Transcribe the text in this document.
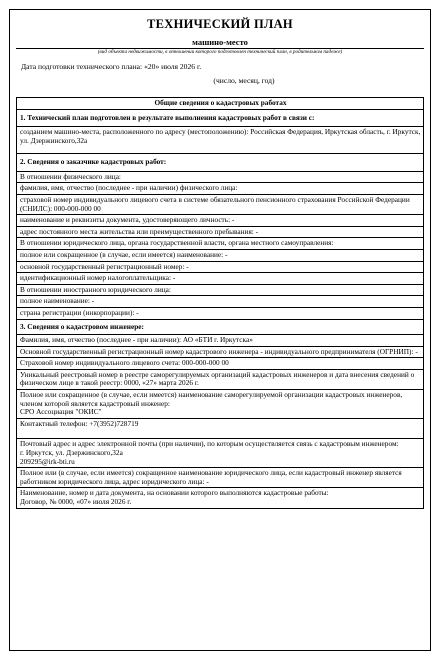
ТЕХНИЧЕСКИЙ ПЛАН
машино-место
(вид объекта недвижимости, в отношении которого подготовлен технический план, в родительном падеже)
Дата подготовки технического плана: «20» июля 2026 г.
(число, месяц, год)
Общие сведения о кадастровых работах
1. Технический план подготовлен в результате выполнения кадастровых работ в связи с:
созданием машино-места, расположенного по адресу (местоположению): Российская Федерация, Иркутская область, г. Иркутск, ул. Дзержинского,32а
2. Сведения о заказчике кадастровых работ:
В отношении физического лица:
фамилия, имя, отчество (последнее - при наличии) физического лица:
страховой номер индивидуального лицевого счета в системе обязательного пенсионного страхования Российской Федерации (СНИЛС): 000-000-000 00
наименование и реквизиты документа, удостоверяющего личность: -
адрес постоянного места жительства или преимущественного пребывания: -
В отношении юридического лица, органа государственной власти, органа местного самоуправления:
полное или сокращенное (в случае, если имеется) наименование: -
основной государственный регистрационный номер: -
идентификационный номер налогоплательщика: -
В отношении иностранного юридического лица:
полное наименование: -
страна регистрации (инкорпорации): -
3. Сведения о кадастровом инженере:
Фамилия, имя, отчество (последнее - при наличии): АО «БТИ г. Иркутска»
Основной государственный регистрационный номер кадастрового инженера - индивидуального предпринимателя (ОГРНИП): -
Страховой номер индивидуального лицевого счета: 000-000-000 00
Уникальный реестровый номер в реестре саморегулируемых организаций кадастровых инженеров и дата внесения сведений о физическом лице в такой реестр: 0000, «27» марта 2026 г.
Полное или сокращенное (в случае, если имеется) наименование саморегулируемой организации кадастровых инженеров, членом которой является кадастровый инженер:
СРО Ассоциация "ОКИС"
Контактный телефон: +7(3952)728719
Почтовый адрес и адрес электронной почты (при наличии), по которым осуществляется связь с кадастровым инженером:
г. Иркутск, ул. Дзержинского,32а
209295@irk-bti.ru
Полное или (в случае, если имеется) сокращенное наименование юридического лица, если кадастровый инженер является работником юридического лица, адрес юридического лица: -
Наименование, номер и дата документа, на основании которого выполняются кадастровые работы:
Договор, № 0000, «07» июля 2026 г.
